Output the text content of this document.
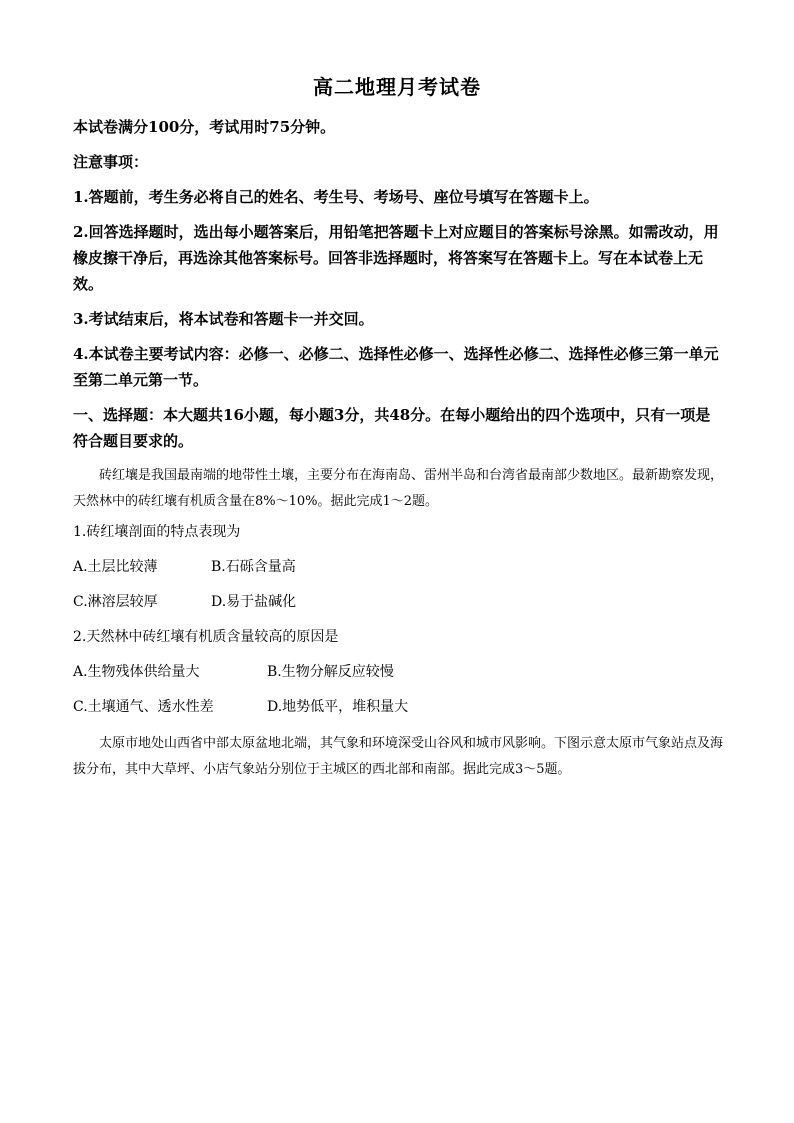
高二地理月考试卷

本试卷满分100分，考试用时75分钟。

注意事项：

1.答题前，考生务必将自己的姓名、考生号、考场号、座位号填写在答题卡上。

2.回答选择题时，选出每小题答案后，用铅笔把答题卡上对应题目的答案标号涂黑。如需改动，用橡皮擦干净后，再选涂其他答案标号。回答非选择题时，将答案写在答题卡上。写在本试卷上无效。

3.考试结束后，将本试卷和答题卡一并交回。

4.本试卷主要考试内容：必修一、必修二、选择性必修一、选择性必修二、选择性必修三第一单元至第二单元第一节。

一、选择题：本大题共16小题，每小题3分，共48分。在每小题给出的四个选项中，只有一项是符合题目要求的。

砖红壤是我国最南端的地带性土壤，主要分布在海南岛、雷州半岛和台湾省最南部少数地区。最新勘察发现，天然林中的砖红壤有机质含量在8%～10%。据此完成1～2题。

1.砖红壤剖面的特点表现为

A.土层比较薄	B.石砾含量高
C.淋溶层较厚	D.易于盐碱化

2.天然林中砖红壤有机质含量较高的原因是

A.生物残体供给量大	B.生物分解反应较慢
C.土壤通气、透水性差	D.地势低平，堆积量大

太原市地处山西省中部太原盆地北端，其气象和环境深受山谷风和城市风影响。下图示意太原市气象站点及海拔分布，其中大草坪、小店气象站分别位于主城区的西北部和南部。据此完成3～5题。
